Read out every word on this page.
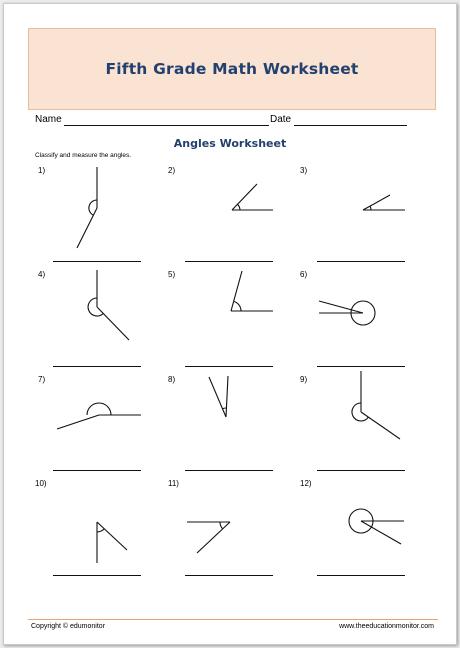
Fifth Grade Math Worksheet
Name	Date
Angles Worksheet
Classify and measure the angles.
1)	2)	3)
4)	5)	6)
7)	8)	9)
10)	11)	12)
Copyright © edumonitor	www.theeducationmonitor.com
